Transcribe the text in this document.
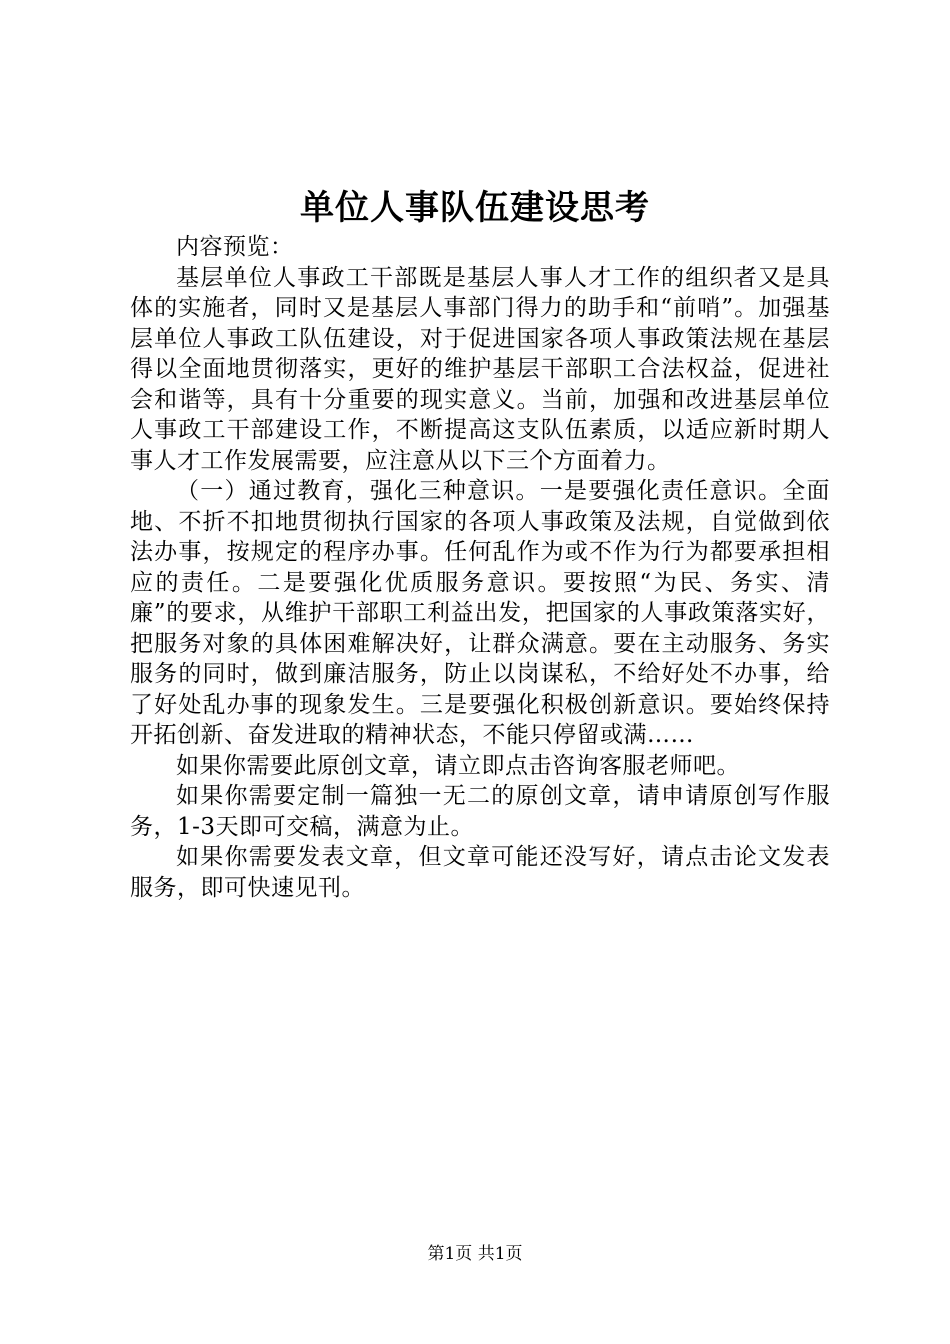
单位人事队伍建设思考

内容预览：

基层单位人事政工干部既是基层人事人才工作的组织者又是具体的实施者，同时又是基层人事部门得力的助手和“前哨”。加强基层单位人事政工队伍建设，对于促进国家各项人事政策法规在基层得以全面地贯彻落实，更好的维护基层干部职工合法权益，促进社会和谐等，具有十分重要的现实意义。当前，加强和改进基层单位人事政工干部建设工作，不断提高这支队伍素质，以适应新时期人事人才工作发展需要，应注意从以下三个方面着力。

（一）通过教育，强化三种意识。一是要强化责任意识。全面地、不折不扣地贯彻执行国家的各项人事政策及法规，自觉做到依法办事，按规定的程序办事。任何乱作为或不作为行为都要承担相应的责任。二是要强化优质服务意识。要按照“为民、务实、清廉”的要求，从维护干部职工利益出发，把国家的人事政策落实好，把服务对象的具体困难解决好，让群众满意。要在主动服务、务实服务的同时，做到廉洁服务，防止以岗谋私，不给好处不办事，给了好处乱办事的现象发生。三是要强化积极创新意识。要始终保持开拓创新、奋发进取的精神状态，不能只停留或满……

如果你需要此原创文章，请立即点击咨询客服老师吧。

如果你需要定制一篇独一无二的原创文章，请申请原创写作服务，1-3天即可交稿，满意为止。

如果你需要发表文章，但文章可能还没写好，请点击论文发表服务，即可快速见刊。

第1页 共1页
